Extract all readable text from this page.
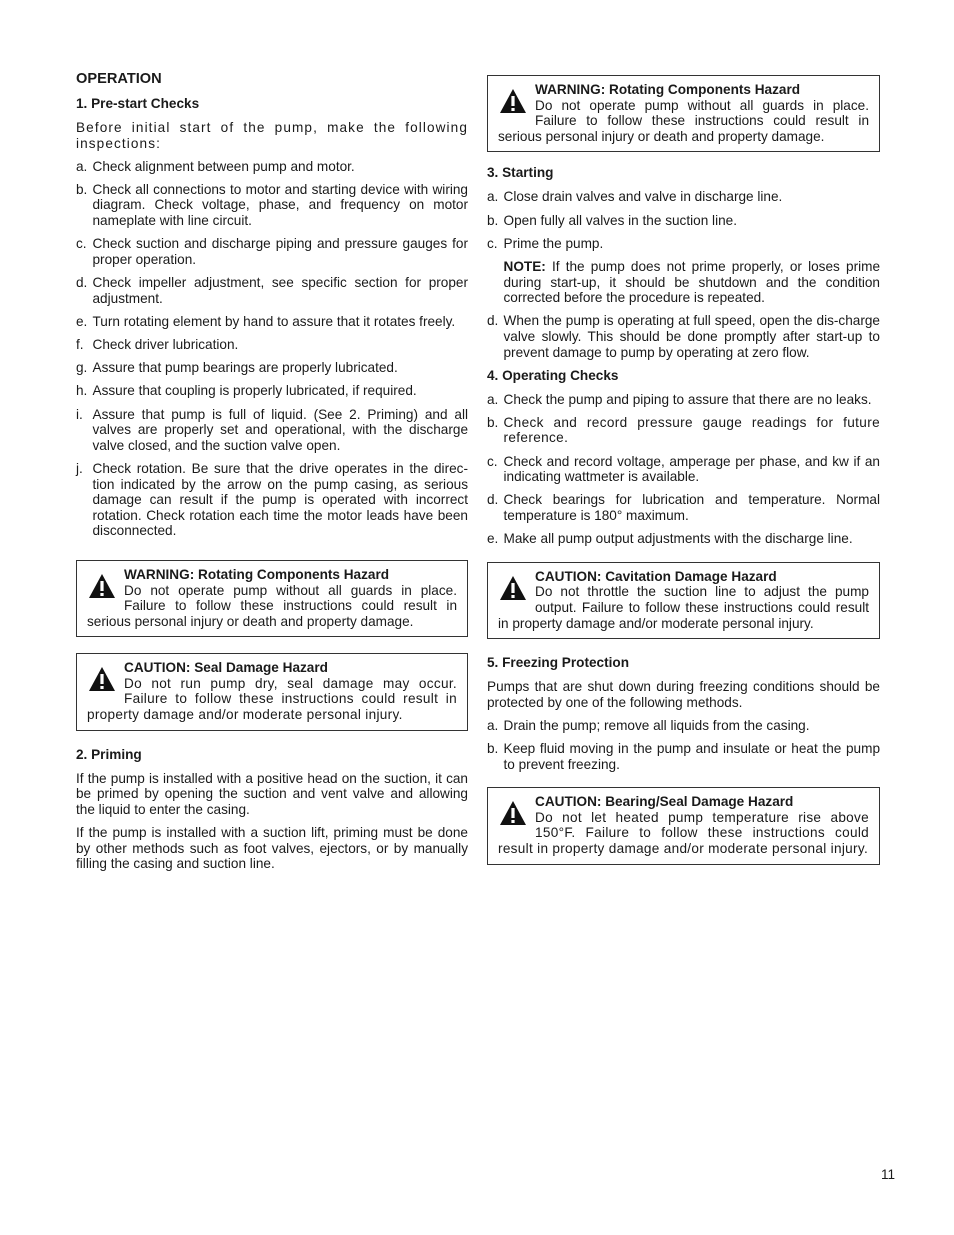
OPERATION
1. Pre-start Checks

Before initial start of the pump, make the following inspections:

a. Check alignment between pump and motor.
b. Check all connections to motor and starting device with wiring diagram. Check voltage, phase, and frequency on motor nameplate with line circuit.
c. Check suction and discharge piping and pressure gauges for proper operation.
d. Check impeller adjustment, see specific section for proper adjustment.
e. Turn rotating element by hand to assure that it rotates freely.
f. Check driver lubrication.
g. Assure that pump bearings are properly lubricated.
h. Assure that coupling is properly lubricated, if required.
i. Assure that pump is full of liquid. (See 2. Priming) and all valves are properly set and operational, with the discharge valve closed, and the suction valve open.
j. Check rotation. Be sure that the drive operates in the direc-tion indicated by the arrow on the pump casing, as serious damage can result if the pump is operated with incorrect rotation. Check rotation each time the motor leads have been disconnected.
WARNING: Rotating Components Hazard
Do not operate pump without all guards in place. Failure to follow these instructions could result in serious personal injury or death and property damage.
CAUTION: Seal Damage Hazard
Do not run pump dry, seal damage may occur. Failure to follow these instructions could result in property damage and/or moderate personal injury.
2. Priming

If the pump is installed with a positive head on the suction, it can be primed by opening the suction and vent valve and allowing the liquid to enter the casing.

If the pump is installed with a suction lift, priming must be done by other methods such as foot valves, ejectors, or by manually filling the casing and suction line.

WARNING: Rotating Components Hazard
Do not operate pump without all guards in place. Failure to follow these instructions could result in serious personal injury or death and property damage.
3. Starting
a. Close drain valves and valve in discharge line.
b. Open fully all valves in the suction line.
c. Prime the pump.
NOTE: If the pump does not prime properly, or loses prime during start-up, it should be shutdown and the condition corrected before the procedure is repeated.
d. When the pump is operating at full speed, open the dis-charge valve slowly. This should be done promptly after start-up to prevent damage to pump by operating at zero flow.
4. Operating Checks
a. Check the pump and piping to assure that there are no leaks.
b. Check and record pressure gauge readings for future reference.
c. Check and record voltage, amperage per phase, and kw if an indicating wattmeter is available.
d. Check bearings for lubrication and temperature. Normal temperature is 180° maximum.
e. Make all pump output adjustments with the discharge line.
CAUTION: Cavitation Damage Hazard
Do not throttle the suction line to adjust the pump output. Failure to follow these instructions could result in property damage and/or moderate personal injury.
5. Freezing Protection

Pumps that are shut down during freezing conditions should be protected by one of the following methods.

a. Drain the pump; remove all liquids from the casing.
b. Keep fluid moving in the pump and insulate or heat the pump to prevent freezing.
CAUTION: Bearing/Seal Damage Hazard
Do not let heated pump temperature rise above 150°F. Failure to follow these instructions could result in property damage and/or moderate personal injury.
11
